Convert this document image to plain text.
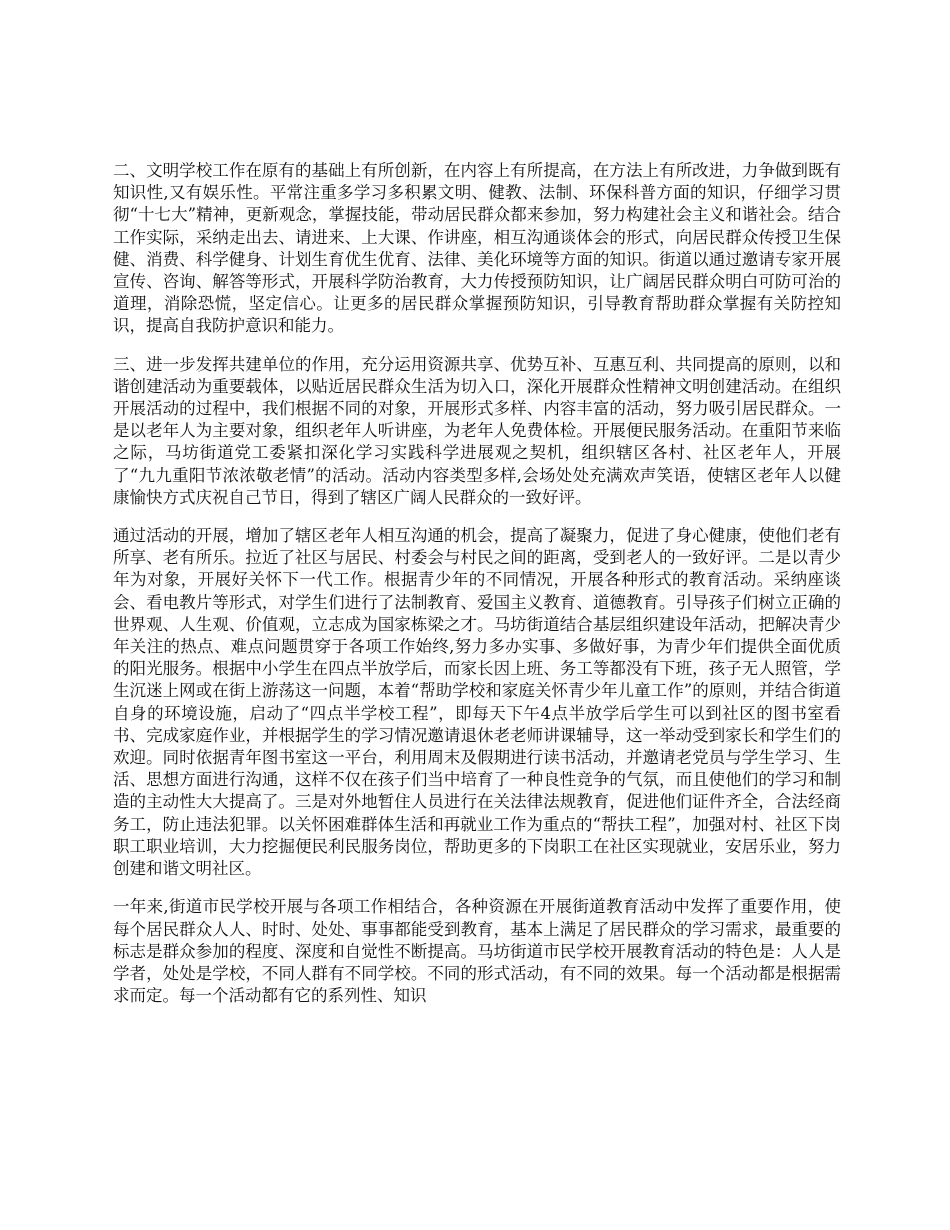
二、文明学校工作在原有的基础上有所创新，在内容上有所提高，在方法上有所改进，力争做到既有知识性,又有娱乐性。平常注重多学习多积累文明、健教、法制、环保科普方面的知识，仔细学习贯彻“十七大”精神，更新观念，掌握技能，带动居民群众都来参加，努力构建社会主义和谐社会。结合工作实际，采纳走出去、请进来、上大课、作讲座，相互沟通谈体会的形式，向居民群众传授卫生保健、消费、科学健身、计划生育优生优育、法律、美化环境等方面的知识。街道以通过邀请专家开展宣传、咨询、解答等形式，开展科学防治教育，大力传授预防知识，让广阔居民群众明白可防可治的道理，消除恐慌，坚定信心。让更多的居民群众掌握预防知识，引导教育帮助群众掌握有关防控知识，提高自我防护意识和能力。

三、进一步发挥共建单位的作用，充分运用资源共享、优势互补、互惠互利、共同提高的原则，以和谐创建活动为重要载体，以贴近居民群众生活为切入口，深化开展群众性精神文明创建活动。在组织开展活动的过程中，我们根据不同的对象，开展形式多样、内容丰富的活动，努力吸引居民群众。一是以老年人为主要对象，组织老年人听讲座，为老年人免费体检。开展便民服务活动。在重阳节来临之际，马坊街道党工委紧扣深化学习实践科学进展观之契机，组织辖区各村、社区老年人，开展了“九九重阳节浓浓敬老情”的活动。活动内容类型多样,会场处处充满欢声笑语，使辖区老年人以健康愉快方式庆祝自己节日，得到了辖区广阔人民群众的一致好评。

通过活动的开展，增加了辖区老年人相互沟通的机会，提高了凝聚力，促进了身心健康，使他们老有所享、老有所乐。拉近了社区与居民、村委会与村民之间的距离，受到老人的一致好评。二是以青少年为对象，开展好关怀下一代工作。根据青少年的不同情况，开展各种形式的教育活动。采纳座谈会、看电教片等形式，对学生们进行了法制教育、爱国主义教育、道德教育。引导孩子们树立正确的世界观、人生观、价值观，立志成为国家栋梁之才。马坊街道结合基层组织建设年活动，把解决青少年关注的热点、难点问题贯穿于各项工作始终,努力多办实事、多做好事，为青少年们提供全面优质的阳光服务。根据中小学生在四点半放学后，而家长因上班、务工等都没有下班，孩子无人照管，学生沉迷上网或在街上游荡这一问题，本着“帮助学校和家庭关怀青少年儿童工作”的原则，并结合街道自身的环境设施，启动了“四点半学校工程”，即每天下午4点半放学后学生可以到社区的图书室看书、完成家庭作业，并根据学生的学习情况邀请退休老老师讲课辅导，这一举动受到家长和学生们的欢迎。同时依据青年图书室这一平台，利用周末及假期进行读书活动，并邀请老党员与学生学习、生活、思想方面进行沟通，这样不仅在孩子们当中培育了一种良性竞争的气氛，而且使他们的学习和制造的主动性大大提高了。三是对外地暂住人员进行在关法律法规教育，促进他们证件齐全，合法经商务工，防止违法犯罪。以关怀困难群体生活和再就业工作为重点的“帮扶工程”，加强对村、社区下岗职工职业培训，大力挖掘便民利民服务岗位，帮助更多的下岗职工在社区实现就业，安居乐业，努力创建和谐文明社区。

一年来,街道市民学校开展与各项工作相结合，各种资源在开展街道教育活动中发挥了重要作用，使每个居民群众人人、时时、处处、事事都能受到教育，基本上满足了居民群众的学习需求，最重要的标志是群众参加的程度、深度和自觉性不断提高。马坊街道市民学校开展教育活动的特色是：人人是学者，处处是学校，不同人群有不同学校。不同的形式活动，有不同的效果。每一个活动都是根据需求而定。每一个活动都有它的系列性、知识
